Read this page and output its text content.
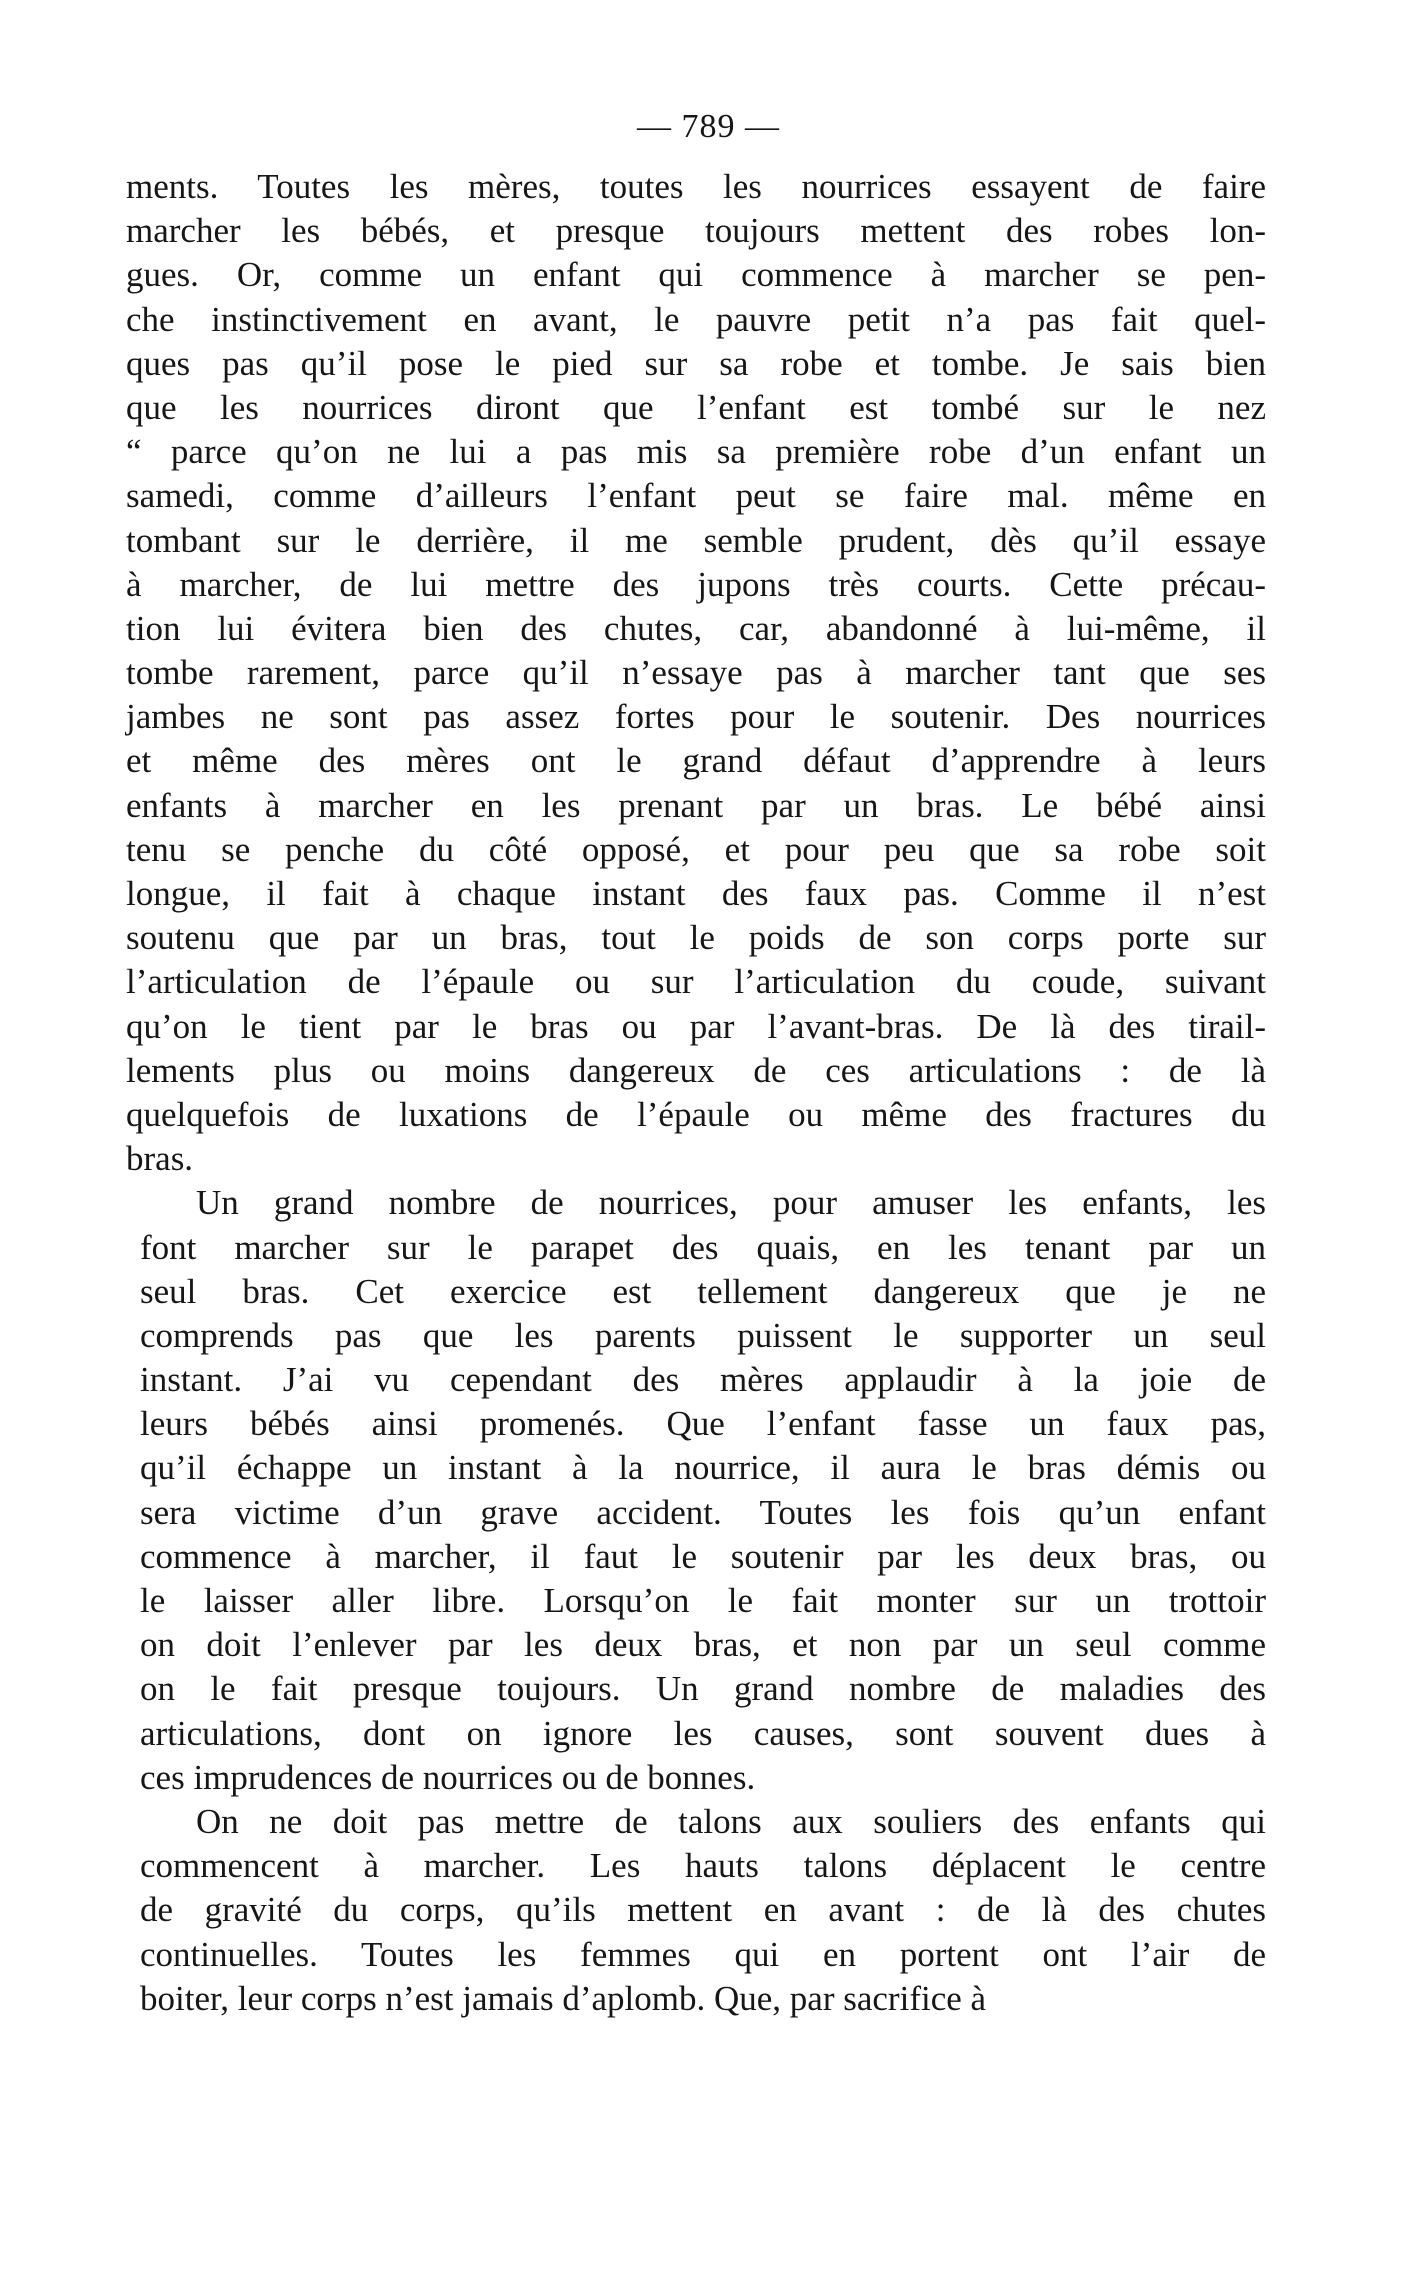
— 789 —
ments. Toutes les mères, toutes les nourrices essayent de faire
marcher les bébés, et presque toujours mettent des robes lon-
gues. Or, comme un enfant qui commence à marcher se pen-
che instinctivement en avant, le pauvre petit n’a pas fait quel-
ques pas qu’il pose le pied sur sa robe et tombe. Je sais bien
que les nourrices diront que l’enfant est tombé sur le nez
“ parce qu’on ne lui a pas mis sa première robe d’un enfant un
samedi, comme d’ailleurs l’enfant peut se faire mal. même en
tombant sur le derrière, il me semble prudent, dès qu’il essaye
à marcher, de lui mettre des jupons très courts. Cette précau-
tion lui évitera bien des chutes, car, abandonné à lui-même, il
tombe rarement, parce qu’il n’essaye pas à marcher tant que ses
jambes ne sont pas assez fortes pour le soutenir. Des nourrices
et même des mères ont le grand défaut d’apprendre à leurs
enfants à marcher en les prenant par un bras. Le bébé ainsi
tenu se penche du côté opposé, et pour peu que sa robe soit
longue, il fait à chaque instant des faux pas. Comme il n’est
soutenu que par un bras, tout le poids de son corps porte sur
l’articulation de l’épaule ou sur l’articulation du coude, suivant
qu’on le tient par le bras ou par l’avant-bras. De là des tirail-
lements plus ou moins dangereux de ces articulations : de là
quelquefois de luxations de l’épaule ou même des fractures du
bras.
Un grand nombre de nourrices, pour amuser les enfants, les
font marcher sur le parapet des quais, en les tenant par un
seul bras. Cet exercice est tellement dangereux que je ne
comprends pas que les parents puissent le supporter un seul
instant. J’ai vu cependant des mères applaudir à la joie de
leurs bébés ainsi promenés. Que l’enfant fasse un faux pas,
qu’il échappe un instant à la nourrice, il aura le bras démis ou
sera victime d’un grave accident. Toutes les fois qu’un enfant
commence à marcher, il faut le soutenir par les deux bras, ou
le laisser aller libre. Lorsqu’on le fait monter sur un trottoir
on doit l’enlever par les deux bras, et non par un seul comme
on le fait presque toujours. Un grand nombre de maladies des
articulations, dont on ignore les causes, sont souvent dues à
ces imprudences de nourrices ou de bonnes.
On ne doit pas mettre de talons aux souliers des enfants qui
commencent à marcher. Les hauts talons déplacent le centre
de gravité du corps, qu’ils mettent en avant : de là des chutes
continuelles. Toutes les femmes qui en portent ont l’air de
boiter, leur corps n’est jamais d’aplomb. Que, par sacrifice à
